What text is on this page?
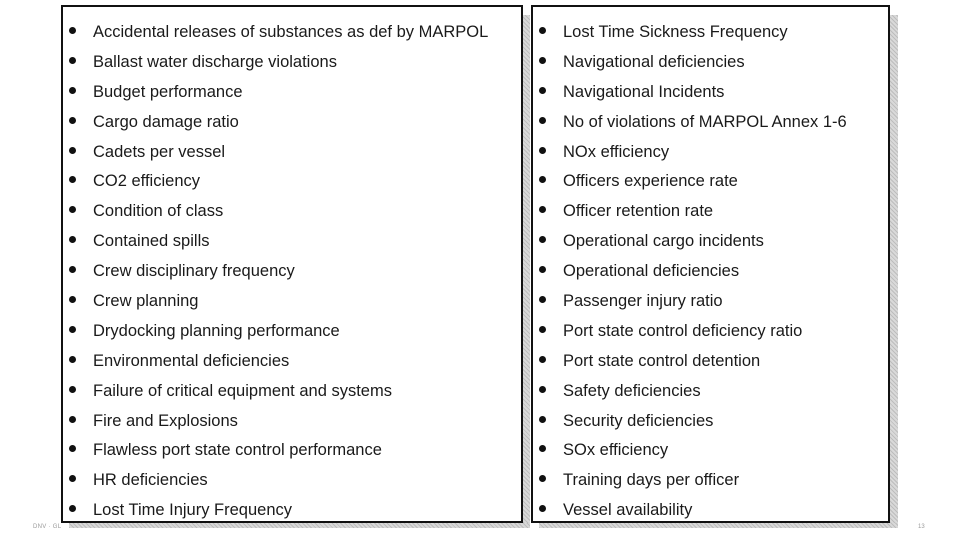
Accidental releases of substances as def by MARPOL
Ballast water discharge violations
Budget performance
Cargo damage ratio
Cadets per vessel
CO2 efficiency
Condition of class
Contained spills
Crew disciplinary frequency
Crew planning
Drydocking planning performance
Environmental deficiencies
Failure of critical equipment and systems
Fire and Explosions
Flawless port state control performance
HR deficiencies
Lost Time Injury Frequency
Lost Time Sickness Frequency
Navigational deficiencies
Navigational Incidents
No of violations of MARPOL Annex 1-6
NOx efficiency
Officers experience rate
Officer retention rate
Operational cargo incidents
Operational deficiencies
Passenger injury ratio
Port state control deficiency ratio
Port state control detention
Safety deficiencies
Security deficiencies
SOx efficiency
Training days per officer
Vessel availability
DNV · GL	13
